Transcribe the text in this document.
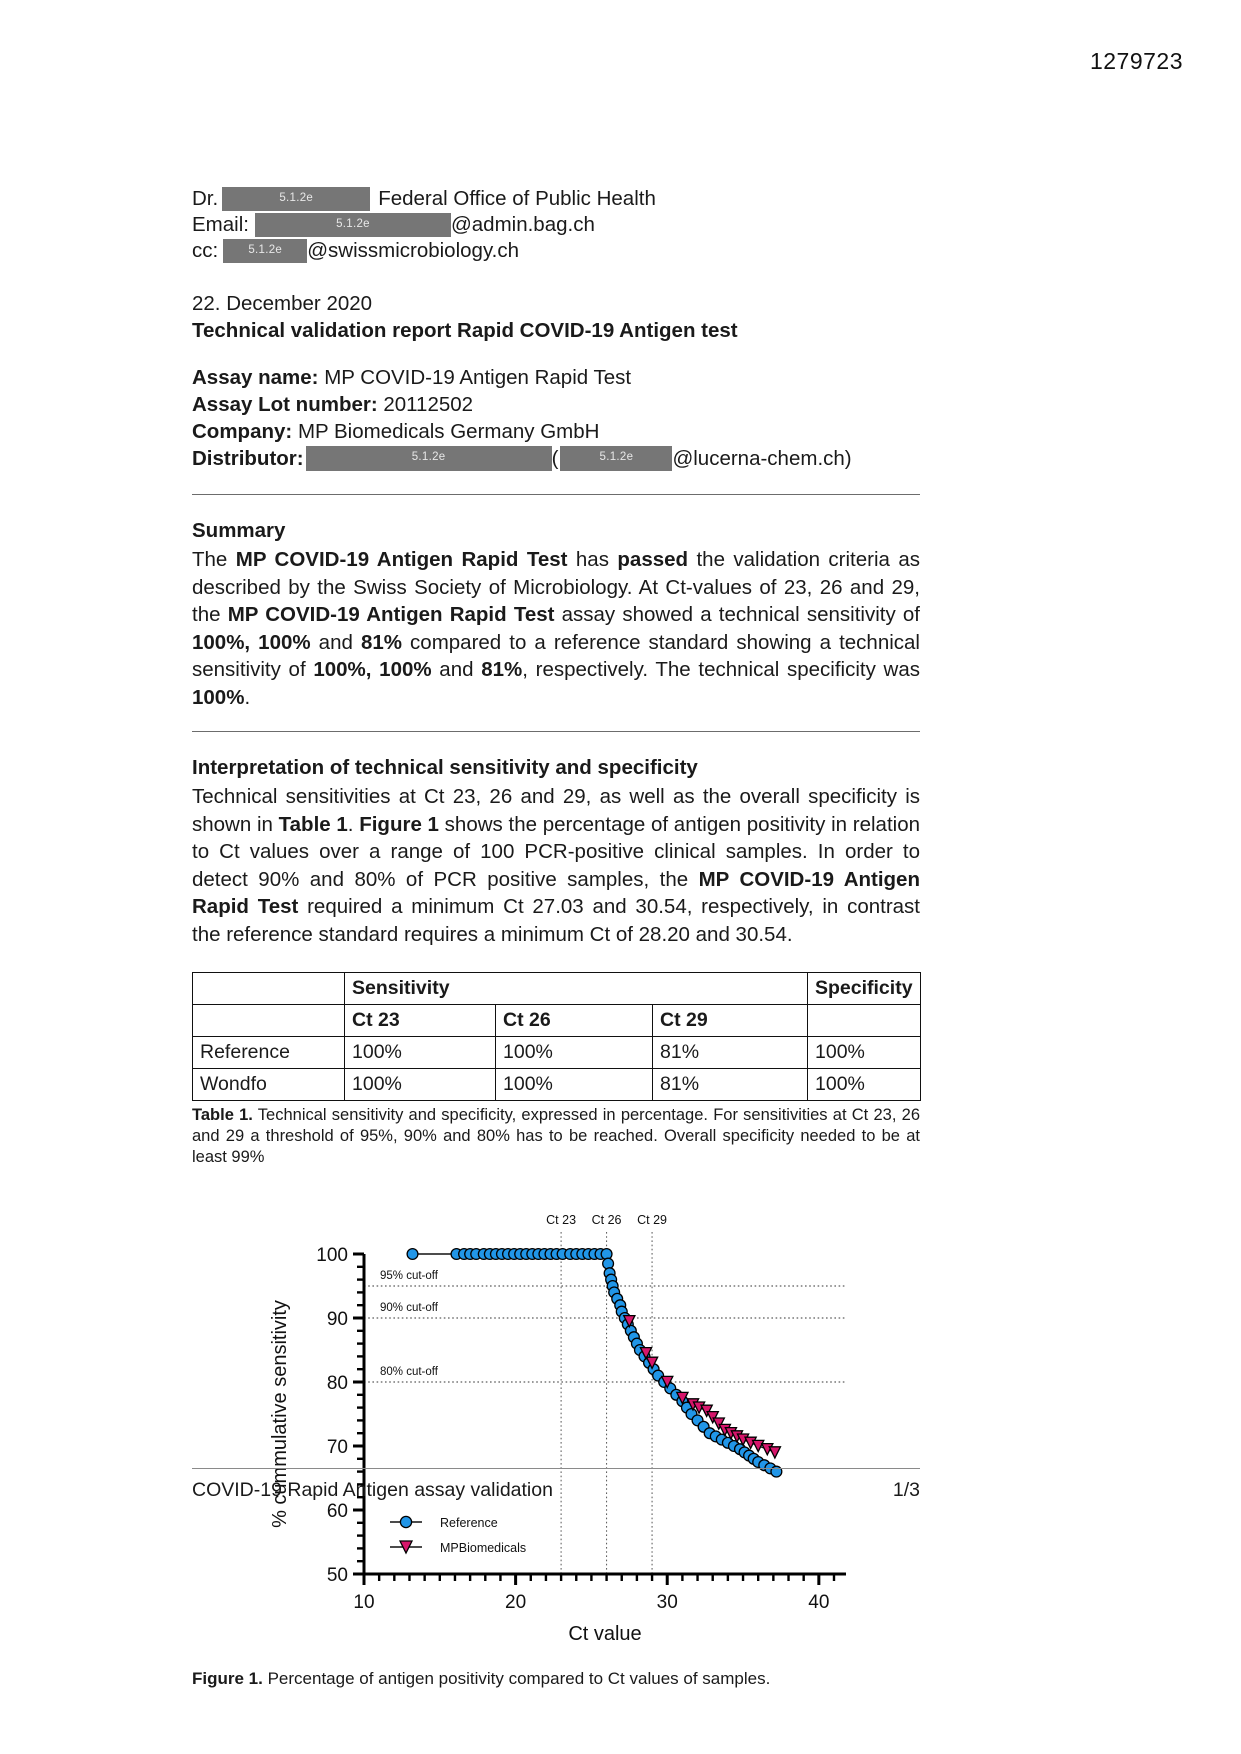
1279723
Dr.	5.1.2e	Federal Office of Public Health
Email:	5.1.2e	@admin.bag.ch
cc:	5.1.2e	@swissmicrobiology.ch
22. December 2020
Technical validation report Rapid COVID-19 Antigen test
Assay name:
MP COVID-19 Antigen Rapid Test
Assay Lot number:
20112502
Company:
MP Biomedicals Germany GmbH
Distributor:	5.1.2e	(	5.1.2e	@lucerna-chem.ch)
Summary

The MP COVID-19 Antigen Rapid Test has passed the validation criteria as described by the Swiss Society of Microbiology. At Ct-values of 23, 26 and 29, the MP COVID-19 Antigen Rapid Test assay showed a technical sensitivity of 100%, 100% and 81% compared to a reference standard showing a technical sensitivity of 100%, 100% and 81%, respectively. The technical specificity was 100%.

Interpretation of technical sensitivity and specificity

Technical sensitivities at Ct 23, 26 and 29, as well as the overall specificity is shown in Table 1. Figure 1 shows the percentage of antigen positivity in relation to Ct values over a range of 100 PCR-positive clinical samples. In order to detect 90% and 80% of PCR positive samples, the MP COVID-19 Antigen Rapid Test required a minimum Ct 27.03 and 30.54, respectively, in contrast the reference standard requires a minimum Ct of 28.20 and 30.54.

	Sensitivity			Specificity
	Ct 23	Ct 26	Ct 29	
Reference	100%	100%	81%	100%
Wondfo	100%	100%	81%	100%

Table 1. Technical sensitivity and specificity, expressed in percentage. For sensitivities at Ct 23, 26 and 29 a threshold of 95%, 90% and 80% has to be reached. Overall specificity needed to be at least 99%

95% cut-off
90% cut-off
80% cut-off
Ct 23 Ct 26 Ct 29
50
60
70
80
90
100
10	20	30	40
Ct value
% cummulative sensitivity	Reference
MPBiomedicals

Figure 1. Percentage of antigen positivity compared to Ct values of samples.

COVID-19 Rapid Antigen assay validation	1/3
